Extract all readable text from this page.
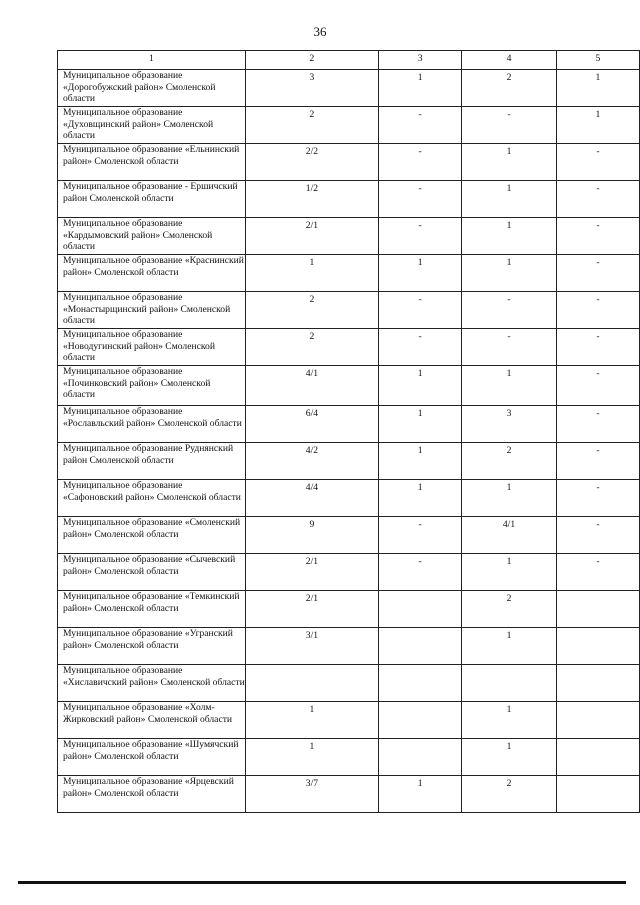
36
1	2	3	4	5
Муниципальное образование «Дорогобужский район» Смоленской области	3	1	2	1
Муниципальное образование «Духовщинский район» Смоленской области	2	-	-	1
Муниципальное образование «Ельнинский район» Смоленской области	2/2	-	1	-
Муниципальное образование - Ершичский район Смоленской области	1/2	-	1	-
Муниципальное образование «Кардымовский район» Смоленской области	2/1	-	1	-
Муниципальное образование «Краснинский район» Смоленской области	1	1	1	-
Муниципальное образование «Монастырщинский район» Смоленской области	2	-	-	-
Муниципальное образование «Новодугинский район» Смоленской области	2	-	-	-
Муниципальное образование «Починковский район» Смоленской области	4/1	1	1	-
Муниципальное образование «Рославльский район» Смоленской области	6/4	1	3	-
Муниципальное образование Руднянский район Смоленской области	4/2	1	2	-
Муниципальное образование «Сафоновский район» Смоленской области	4/4	1	1	-
Муниципальное образование «Смоленский район» Смоленской области	9	-	4/1	-
Муниципальное образование «Сычевский район» Смоленской области	2/1	-	1	-
Муниципальное образование «Темкинский район» Смоленской области	2/1		2	
Муниципальное образование «Угранский район» Смоленской области	3/1		1	
Муниципальное образование «Хиславичский район» Смоленской области				
Муниципальное образование «Холм-Жирковский район» Смоленской области	1		1	
Муниципальное образование «Шумячский район» Смоленской области	1		1	
Муниципальное образование «Ярцевский район» Смоленской области	3/7	1	2	
